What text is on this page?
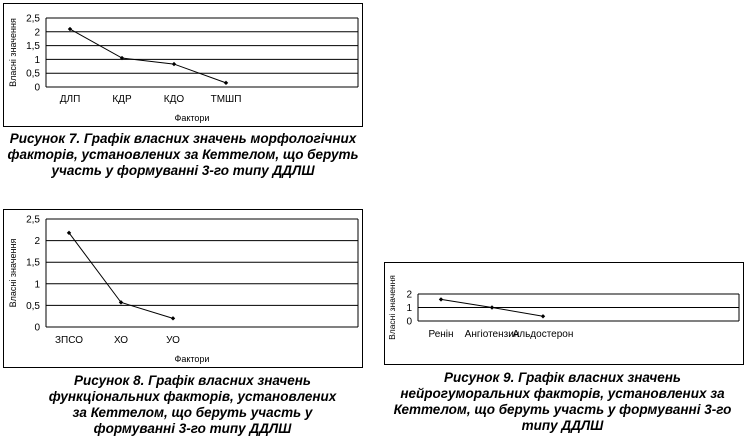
0
0,5
1
1,5
2
2,5
Власні значення
ДЛП	КДР	КДО	ТМШП
Фактори
Рисунок 7. Графік власних значень морфологічних факторів, установлених за Кеттелом, що беруть участь у формуванні 3-го типу ДДЛШ
0
0,5
1
1,5
2
2,5
Власні значення
ЗПСО	ХО	УО
Фактори
Рисунок 8. Графік власних значень функціональних факторів, установлених за Кеттелом, що беруть участь у формуванні 3-го типу ДДЛШ
0
1
2
Власні значення	Ренін Ангіотензин
Альдостерон
Рисунок 9. Графік власних значень нейрогуморальних факторів, установлених за Кеттелом, що беруть участь у формуванні 3-го типу ДДЛШ
